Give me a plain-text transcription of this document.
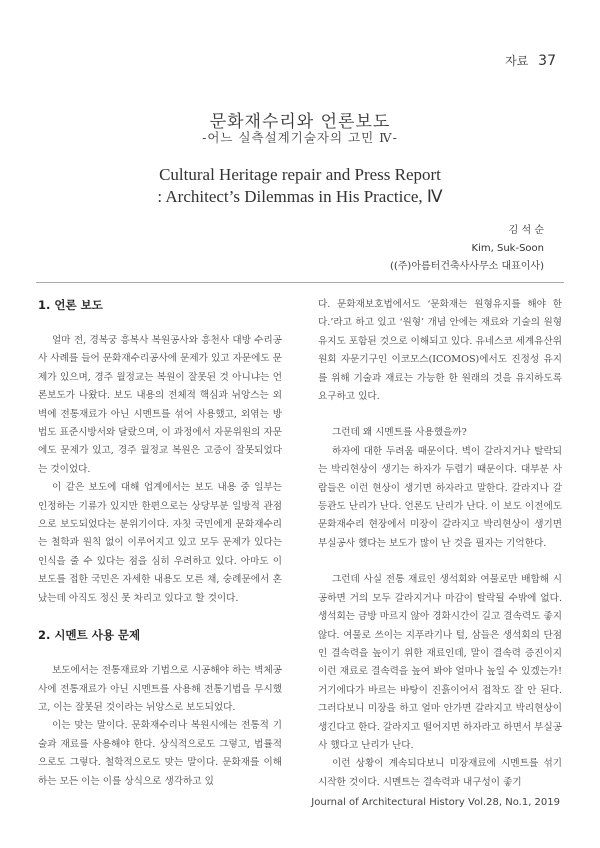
자료 37
문화재수리와 언론보도
-어느 실측설계기술자의 고민 Ⅳ-
Cultural Heritage repair and Press Report
: Architect’s Dilemmas in His Practice, Ⅳ
김 석 순
Kim, Suk-Soon
((주)아름터건축사사무소 대표이사)
1. 언론 보도

얼마 전, 경복궁 흥복사 복원공사와 흥천사 대방 수리공사 사례를 들어 문화재수리공사에 문제가 있고 자문에도 문제가 있으며, 경주 월정교는 복원이 잘못된 것 아니냐는 언론보도가 나왔다. 보도 내용의 전체적 핵심과 뉘앙스는 외벽에 전통재료가 아닌 시멘트를 섞어 사용했고, 외엮는 방법도 표준시방서와 달랐으며, 이 과정에서 자문위원의 자문에도 문제가 있고, 경주 월정교 복원은 고증이 잘못되었다는 것이었다.

이 같은 보도에 대해 업계에서는 보도 내용 중 일부는 인정하는 기류가 있지만 한편으로는 상당부분 일방적 관점으로 보도되었다는 분위기이다. 자칫 국민에게 문화재수리는 철학과 원칙 없이 이루어지고 있고 모두 문제가 있다는 인식을 줄 수 있다는 점을 심히 우려하고 있다. 아마도 이 보도를 접한 국민은 자세한 내용도 모른 채, 숭례문에서 혼났는데 아직도 정신 못 차리고 있다고 할 것이다.

2. 시멘트 사용 문제

보도에서는 전통재료와 기법으로 시공해야 하는 벽체공사에 전통재료가 아닌 시멘트를 사용해 전통기법을 무시했고, 이는 잘못된 것이라는 뉘앙스로 보도되었다.

이는 맞는 말이다. 문화재수리나 복원시에는 전통적 기술과 재료를 사용해야 한다. 상식적으로도 그렇고, 법률적으로도 그렇다. 철학적으로도 맞는 말이다. 문화재를 이해하는 모든 이는 이를 상식으로 생각하고 있

다. 문화재보호법에서도 ‘문화재는 원형유지를 해야 한다.’라고 하고 있고 ‘원형’ 개념 안에는 재료와 기술의 원형 유지도 포함된 것으로 이해되고 있다. 유네스코 세계유산위원회 자문기구인 이코모스(ICOMOS)에서도 진정성 유지를 위해 기술과 재료는 가능한 한 원래의 것을 유지하도록 요구하고 있다.

그런데 왜 시멘트를 사용했을까?

하자에 대한 두려움 때문이다. 벽이 갈라지거나 탈락되는 박리현상이 생기는 하자가 두렵기 때문이다. 대부분 사람들은 이런 현상이 생기면 하자라고 말한다. 갈라지나 갈등관도 난리가 난다. 언론도 난리가 난다. 이 보도 이전에도 문화재수리 현장에서 미장이 갈라지고 박리현상이 생기면 부실공사 했다는 보도가 많이 난 것을 필자는 기억한다.

그런데 사실 전통 재료인 생석회와 여물로만 배합해 시공하면 거의 모두 갈라지거나 마감이 탈락될 수밖에 없다. 생석회는 금방 마르지 않아 경화시간이 길고 결속력도 좋지 않다. 여물로 쓰이는 지푸라기나 털, 삼들은 생석회의 단점인 결속력을 높이기 위한 재료인데, 말이 결속력 증진이지 이런 재료로 결속력을 높여 봐야 얼마나 높일 수 있겠는가! 거기에다가 바르는 바탕이 진흙이어서 접착도 잘 안 된다. 그러다보니 미장을 하고 얼마 안가면 갈라지고 박리현상이 생긴다고 한다. 갈라지고 떨어지면 하자라고 하면서 부실공사 했다고 난리가 난다.

이런 상황이 계속되다보니 미장재료에 시멘트를 섞기 시작한 것이다. 시멘트는 결속력과 내구성이 좋기

Journal of Architectural History Vol.28, No.1, 2019
